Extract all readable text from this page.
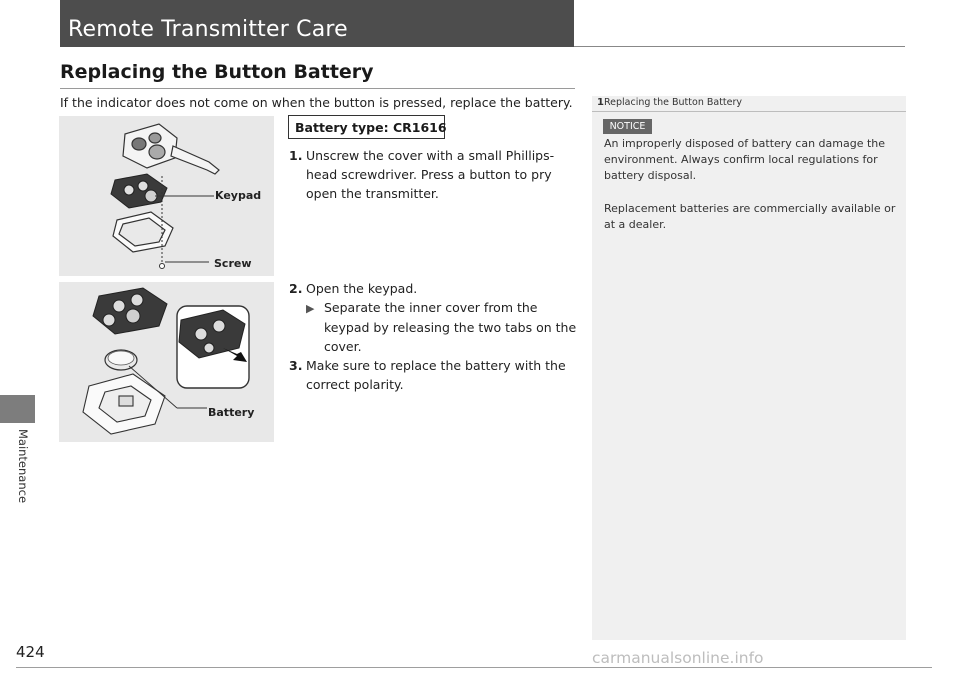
Maintenance
424
Remote Transmitter Care
Replacing the Button Battery
If the indicator does not come on when the button is pressed, replace the battery.
Keypad
Screw
Battery
Battery type: CR1616
1. Unscrew the cover with a small Phillips-
head screwdriver. Press a button to pry
open the transmitter.
2. Open the keypad.
▶ Separate the inner cover from the
keypad by releasing the two tabs on the
cover.
3. Make sure to replace the battery with the
correct polarity.
1Replacing the Button Battery
NOTICE
An improperly disposed of battery can damage the
environment. Always confirm local regulations for
battery disposal.
Replacement batteries are commercially available or
at a dealer.
carmanualsonline.info
